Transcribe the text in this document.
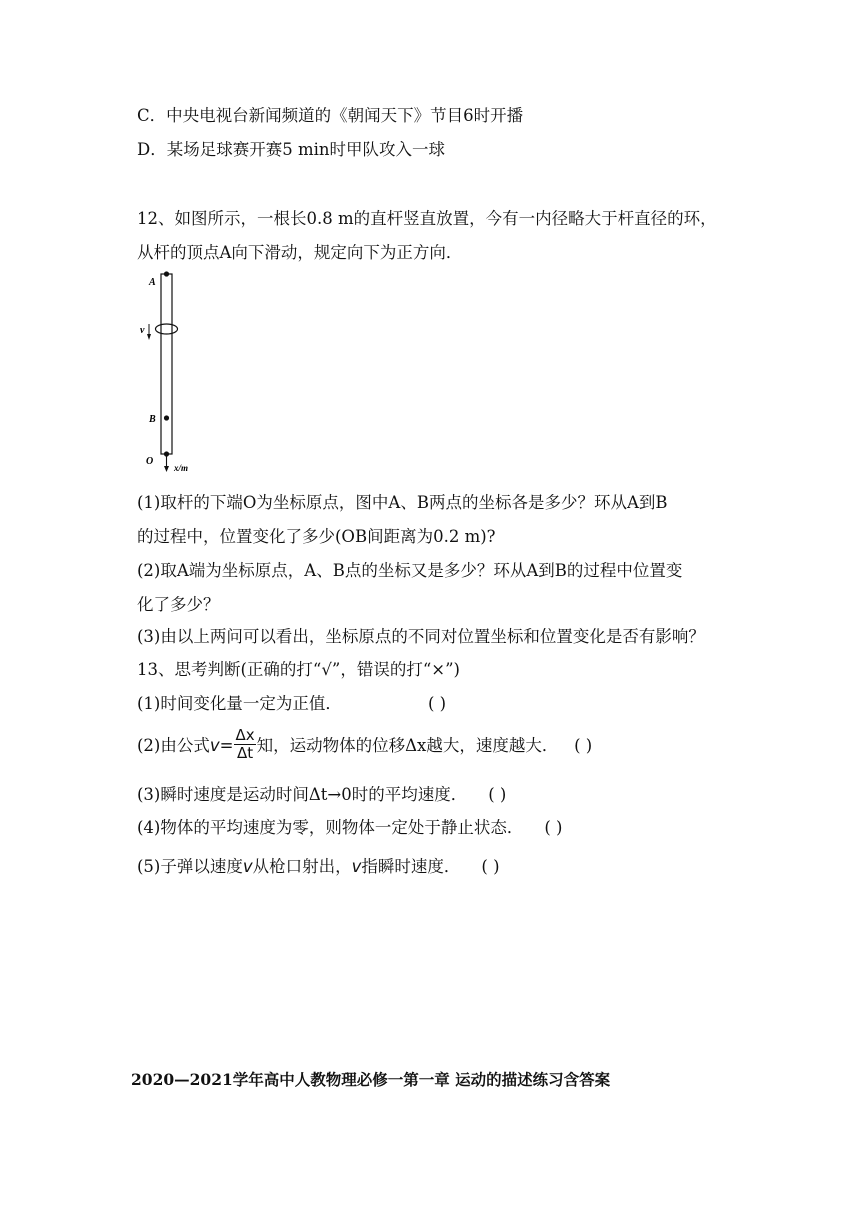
C．中央电视台新闻频道的《朝闻天下》节目6时开播
D．某场足球赛开赛5 min时甲队攻入一球
12、如图所示，一根长0.8 m的直杆竖直放置，今有一内径略大于杆直径的环，
从杆的顶点A向下滑动，规定向下为正方向．
A
v
B
O
x/m
(1)取杆的下端O为坐标原点，图中A、B两点的坐标各是多少？环从A到B
的过程中，位置变化了多少(OB间距离为0.2 m)?
(2)取A端为坐标原点，A、B点的坐标又是多少？环从A到B的过程中位置变
化了多少？
(3)由以上两问可以看出，坐标原点的不同对位置坐标和位置变化是否有影响？
13、思考判断(正确的打“√”，错误的打“×”)
(1)时间变化量一定为正值．	( )
(2)由公式$v= \frac{\Delta x}{\Delta t}$ 知，运动物体的位移Δx越大，速度越大． ( )
(3)瞬时速度是运动时间Δt→0时的平均速度． ( )
(4)物体的平均速度为零，则物体一定处于静止状态． ( )
(5)子弹以速度v从枪口射出，v指瞬时速度． ( )
2020—2021学年高中人教物理必修一第一章 运动的描述练习含答案
